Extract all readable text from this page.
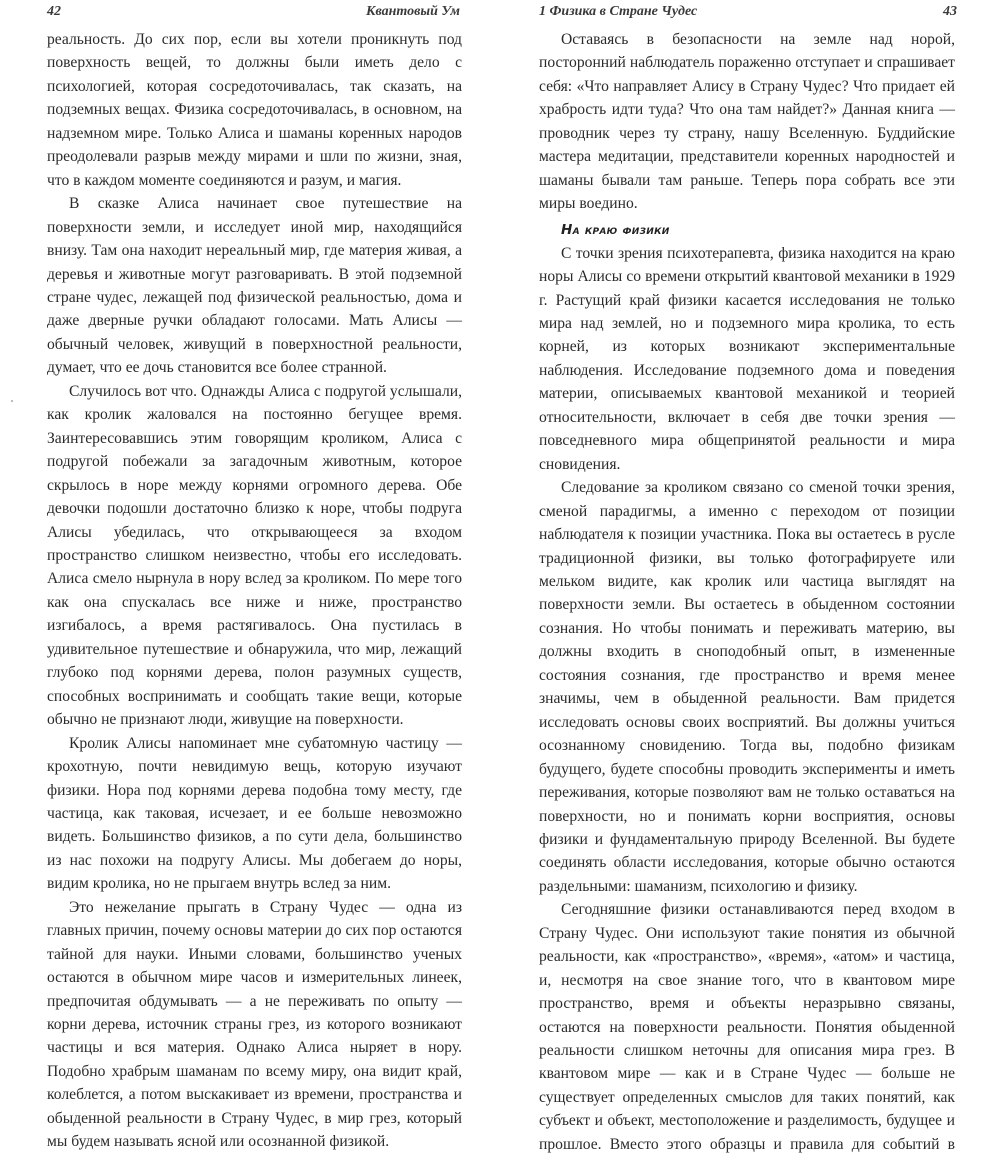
42	Квантовый Ум

реальность. До сих пор, если вы хотели проникнуть под поверхность вещей, то должны были иметь дело с психологией, которая сосредоточивалась, так сказать, на подземных вещах. Физика сосредоточивалась, в основном, на надземном мире. Только Алиса и шаманы коренных народов преодолевали разрыв между мирами и шли по жизни, зная, что в каждом моменте соединяются и разум, и магия.

В сказке Алиса начинает свое путешествие на поверхности земли, и исследует иной мир, находящийся внизу. Там она находит нереальный мир, где материя живая, а деревья и животные могут разговаривать. В этой подземной стране чудес, лежащей под физической реальностью, дома и даже дверные ручки обладают голосами. Мать Алисы — обычный человек, живущий в поверхностной реальности, думает, что ее дочь становится все более странной.

Случилось вот что. Однажды Алиса с подругой услышали, как кролик жаловался на постоянно бегущее время. Заинтересовавшись этим говорящим кроликом, Алиса с подругой побежали за загадочным животным, которое скрылось в норе между корнями огромного дерева. Обе девочки подошли достаточно близко к норе, чтобы подруга Алисы убедилась, что открывающееся за входом пространство слишком неизвестно, чтобы его исследовать. Алиса смело нырнула в нору вслед за кроликом. По мере того как она спускалась все ниже и ниже, пространство изгибалось, а время растягивалось. Она пустилась в удивительное путешествие и обнаружила, что мир, лежащий глубоко под корнями дерева, полон разумных существ, способных воспринимать и сообщать такие вещи, которые обычно не признают люди, живущие на поверхности.

Кролик Алисы напоминает мне субатомную частицу — крохотную, почти невидимую вещь, которую изучают физики. Нора под корнями дерева подобна тому месту, где частица, как таковая, исчезает, и ее больше невозможно видеть. Большинство физиков, а по сути дела, большинство из нас похожи на подругу Алисы. Мы добегаем до норы, видим кролика, но не прыгаем внутрь вслед за ним.

Это нежелание прыгать в Страну Чудес — одна из главных причин, почему основы материи до сих пор остаются тайной для науки. Иными словами, большинство ученых остаются в обычном мире часов и измерительных линеек, предпочитая обдумывать — а не переживать по опыту — корни дерева, источник страны грез, из которого возникают частицы и вся материя. Однако Алиса ныряет в нору. Подобно храбрым шаманам по всему миру, она видит край, колеблется, а потом выскакивает из времени, пространства и обыденной реальности в Страну Чудес, в мир грез, который мы будем называть ясной или осознанной физикой.

1 Физика в Стране Чудес	43

Оставаясь в безопасности на земле над норой, посторонний наблюдатель пораженно отступает и спрашивает себя: «Что направляет Алису в Страну Чудес? Что придает ей храбрость идти туда? Что она там найдет?» Данная книга — проводник через ту страну, нашу Вселенную. Буддийские мастера медитации, представители коренных народностей и шаманы бывали там раньше. Теперь пора собрать все эти миры воедино.

На краю физики

С точки зрения психотерапевта, физика находится на краю норы Алисы со времени открытий квантовой механики в 1929 г. Растущий край физики касается исследования не только мира над землей, но и подземного мира кролика, то есть корней, из которых возникают экспериментальные наблюдения. Исследование подземного дома и поведения материи, описываемых квантовой механикой и теорией относительности, включает в себя две точки зрения — повседневного мира общепринятой реальности и мира сновидения.

Следование за кроликом связано со сменой точки зрения, сменой парадигмы, а именно с переходом от позиции наблюдателя к позиции участника. Пока вы остаетесь в русле традиционной физики, вы только фотографируете или мельком видите, как кролик или частица выглядят на поверхности земли. Вы остаетесь в обыденном состоянии сознания. Но чтобы понимать и переживать материю, вы должны входить в сноподобный опыт, в измененные состояния сознания, где пространство и время менее значимы, чем в обыденной реальности. Вам придется исследовать основы своих восприятий. Вы должны учиться осознанному сновидению. Тогда вы, подобно физикам будущего, будете способны проводить эксперименты и иметь переживания, которые позволяют вам не только оставаться на поверхности, но и понимать корни восприятия, основы физики и фундаментальную природу Вселенной. Вы будете соединять области исследования, которые обычно остаются раздельными: шаманизм, психологию и физику.

Сегодняшние физики останавливаются перед входом в Страну Чудес. Они используют такие понятия из обычной реальности, как «пространство», «время», «атом» и частица, и, несмотря на свое знание того, что в квантовом мире пространство, время и объекты неразрывно связаны, остаются на поверхности реальности. Понятия обыденной реальности слишком неточны для описания мира грез. В квантовом мире — как и в Стране Чудес — больше не существует определенных смыслов для таких понятий, как субъект и объект, местоположение и разделимость, будущее и прошлое. Вместо этого образцы и правила для событий в
